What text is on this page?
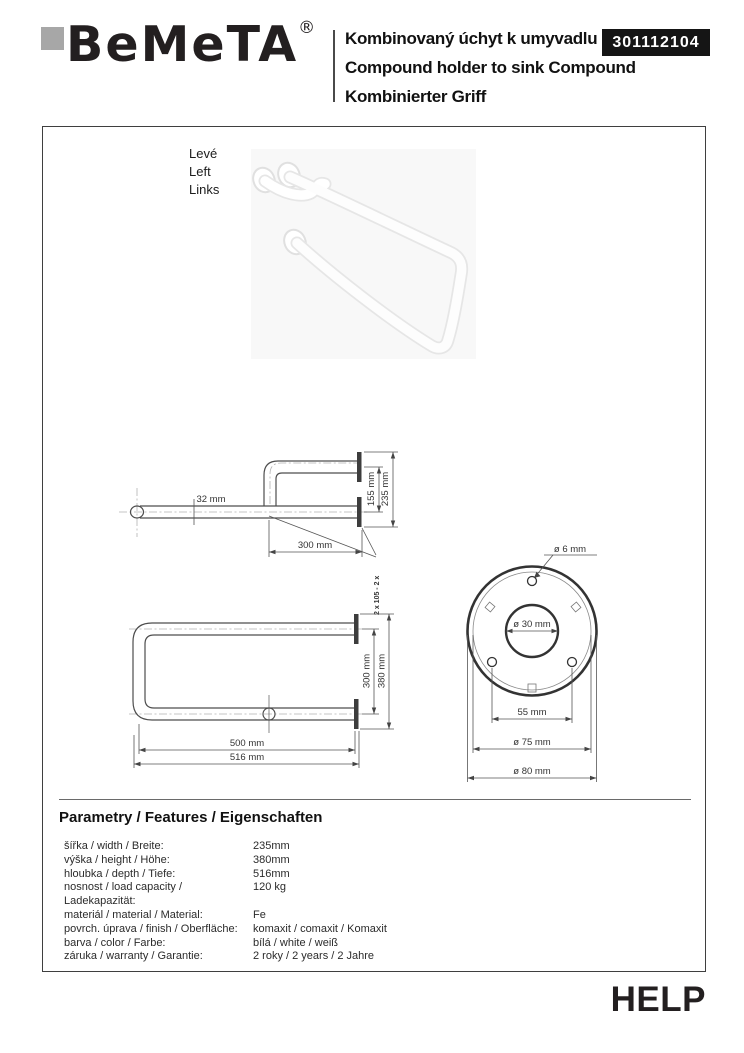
BeMeTA®
Kombinovaný úchyt k umyvadlu
Compound holder to sink Compound
Kombinierter Griff
301112104
Levé
Left
Links
32 mm	155 mm 235 mm
300 mm
2 x 105 - 2 x
300 mm 380 mm
500 mm
516 mm
ø 6 mm
ø 30 mm
55 mm
ø 75 mm
ø 80 mm
Parametry / Features / Eigenschaften
šířka / width / Breite:	235mm
výška / height / Höhe:	380mm
hloubka / depth / Tiefe:	516mm
nosnost / load capacity / Ladekapazität:
120 kg
materiál / material / Material:	Fe
povrch. úprava / finish / Oberfläche:	komaxit / comaxit / Komaxit
barva / color / Farbe:	bílá / white / weiß
záruka / warranty / Garantie:	2 roky / 2 years / 2 Jahre
HELP
